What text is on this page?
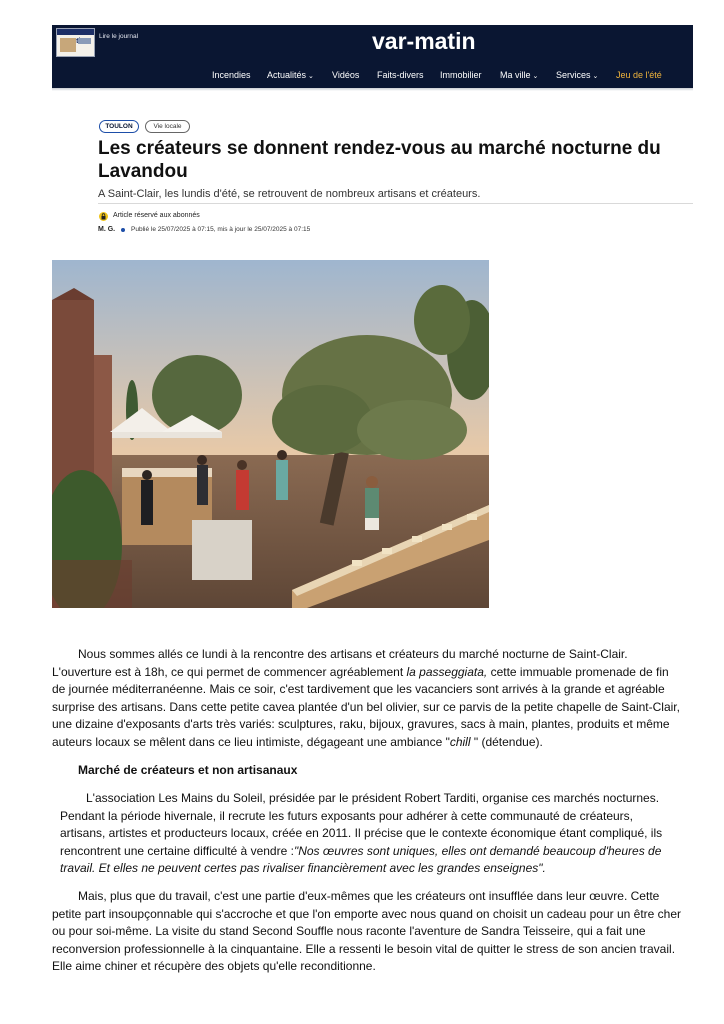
var-	Lire le journal	var-matin
Incendies Actualités ⌄ Vidéos Faits-divers Immobilier Ma ville ⌄ Services ⌄ Jeu de l'été
TOULON	Vie locale
Les créateurs se donnent rendez-vous au marché nocturne du Lavandou
A Saint-Clair, les lundis d'été, se retrouvent de nombreux artisans et créateurs.
Article réservé aux abonnés
M. G. Publié le 25/07/2025 à 07:15, mis à jour le 25/07/2025 à 07:15
Nous sommes allés ce lundi à la rencontre des artisans et créateurs du marché nocturne de Saint-Clair. L'ouverture est à 18h, ce qui permet de commencer agréablement la passeggiata, cette immuable promenade de fin de journée méditerranéenne. Mais ce soir, c'est tardivement que les vacanciers sont arrivés à la grande et agréable surprise des artisans. Dans cette petite cavea plantée d'un bel olivier, sur ce parvis de la petite chapelle de Saint-Clair, une dizaine d'exposants d'arts très variés: sculptures, raku, bijoux, gravures, sacs à main, plantes, produits et même auteurs locaux se mêlent dans ce lieu intimiste, dégageant une ambiance "chill " (détendue).
Marché de créateurs et non artisanaux
L'association Les Mains du Soleil, présidée par le président Robert Tarditi, organise ces marchés nocturnes. Pendant la période hivernale, il recrute les futurs exposants pour adhérer à cette communauté de créateurs, artisans, artistes et producteurs locaux, créée en 2011. Il précise que le contexte économique étant compliqué, ils rencontrent une certaine difficulté à vendre :"Nos œuvres sont uniques, elles ont demandé beaucoup d'heures de travail. Et elles ne peuvent certes pas rivaliser financièrement avec les grandes enseignes".
Mais, plus que du travail, c'est une partie d'eux-mêmes que les créateurs ont insufflée dans leur œuvre. Cette petite part insoupçonnable qui s'accroche et que l'on emporte avec nous quand on choisit un cadeau pour un être cher ou pour soi-même. La visite du stand Second Souffle nous raconte l'aventure de Sandra Teisseire, qui a fait une reconversion professionnelle à la cinquantaine. Elle a ressenti le besoin vital de quitter le stress de son ancien travail. Elle aime chiner et récupère des objets qu'elle reconditionne.
